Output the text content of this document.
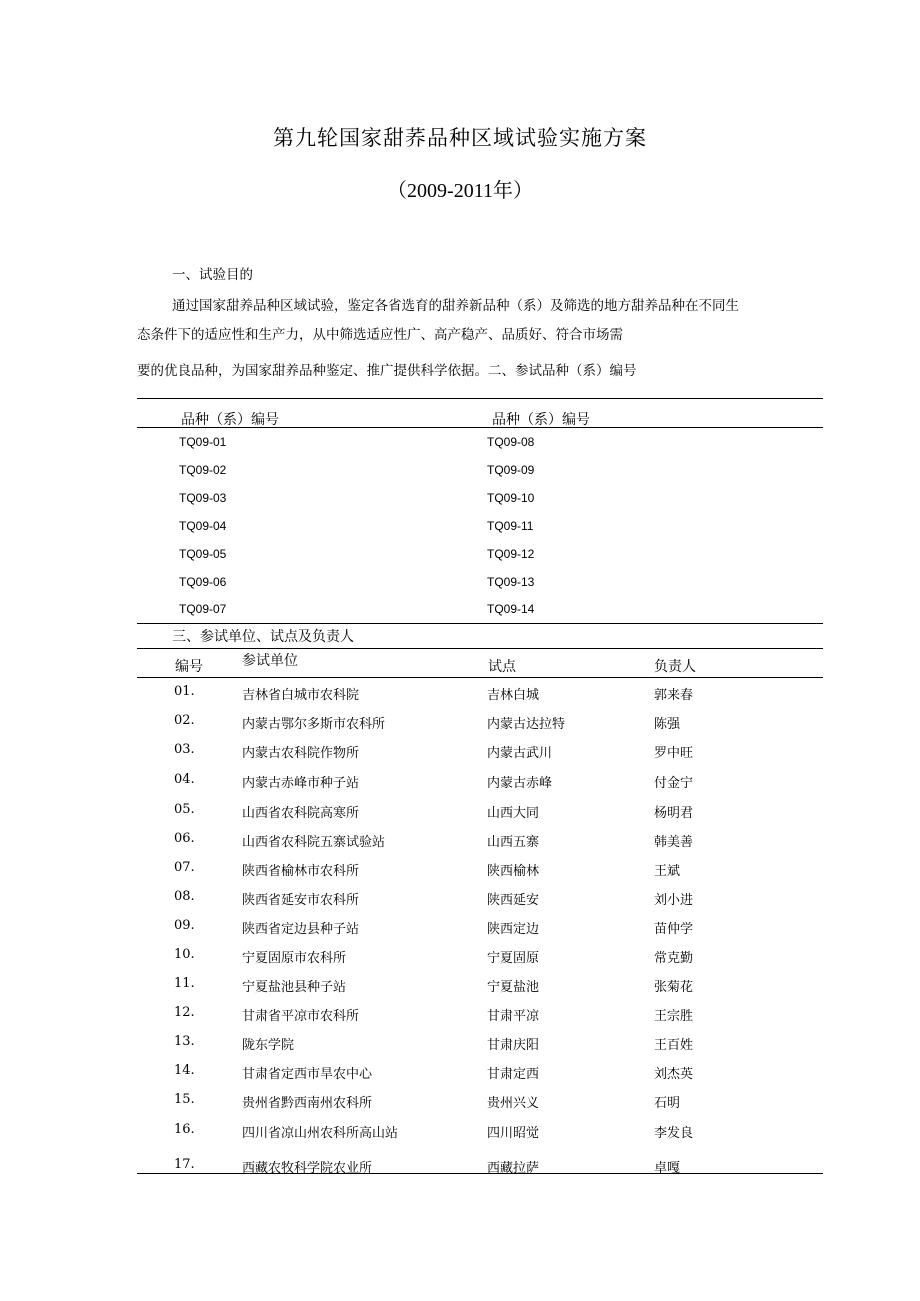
第九轮国家甜荞品种区域试验实施方案
（2009-2011年）
一、试验目的
通过国家甜养品种区域试验，鉴定各省选育的甜养新品种（系）及筛选的地方甜养品种在不同生
态条件下的适应性和生产力，从中筛选适应性广、高产稳产、品质好、符合市场需
要的优良品种，为国家甜养品种鉴定、推广提供科学依据。二、参试品种（系）编号
品种（系）编号	品种（系）编号
TQ09-01	TQ09-08
TQ09-02	TQ09-09
TQ09-03	TQ09-10
TQ09-04	TQ09-11
TQ09-05	TQ09-12
TQ09-06	TQ09-13
TQ09-07	TQ09-14
三、参试单位、试点及负责人
编号	参试单位	试点	负责人
01.	吉林省白城市农科院	吉林白城	郭来春
02.	内蒙古鄂尔多斯市农科所	内蒙古达拉特	陈强
03.	内蒙古农科院作物所	内蒙古武川	罗中旺
04.	内蒙古赤峰市种子站	内蒙古赤峰	付金宁
05.	山西省农科院高寒所	山西大同	杨明君
06.	山西省农科院五寨试验站	山西五寨	韩美善
07.	陕西省榆林市农科所	陕西榆林	王斌
08.	陕西省延安市农科所	陕西延安	刘小进
09.	陕西省定边县种子站	陕西定边	苗仲学
10.	宁夏固原市农科所	宁夏固原	常克勤
11.	宁夏盐池县种子站	宁夏盐池	张菊花
12.	甘肃省平凉市农科所	甘肃平凉	王宗胜
13.	陇东学院	甘肃庆阳	王百姓
14.	甘肃省定西市旱农中心	甘肃定西	刘杰英
15.	贵州省黔西南州农科所	贵州兴义	石明
16.	四川省凉山州农科所高山站	四川昭觉	李发良
17.	西藏农牧科学院农业所	西藏拉萨	卓嘎
